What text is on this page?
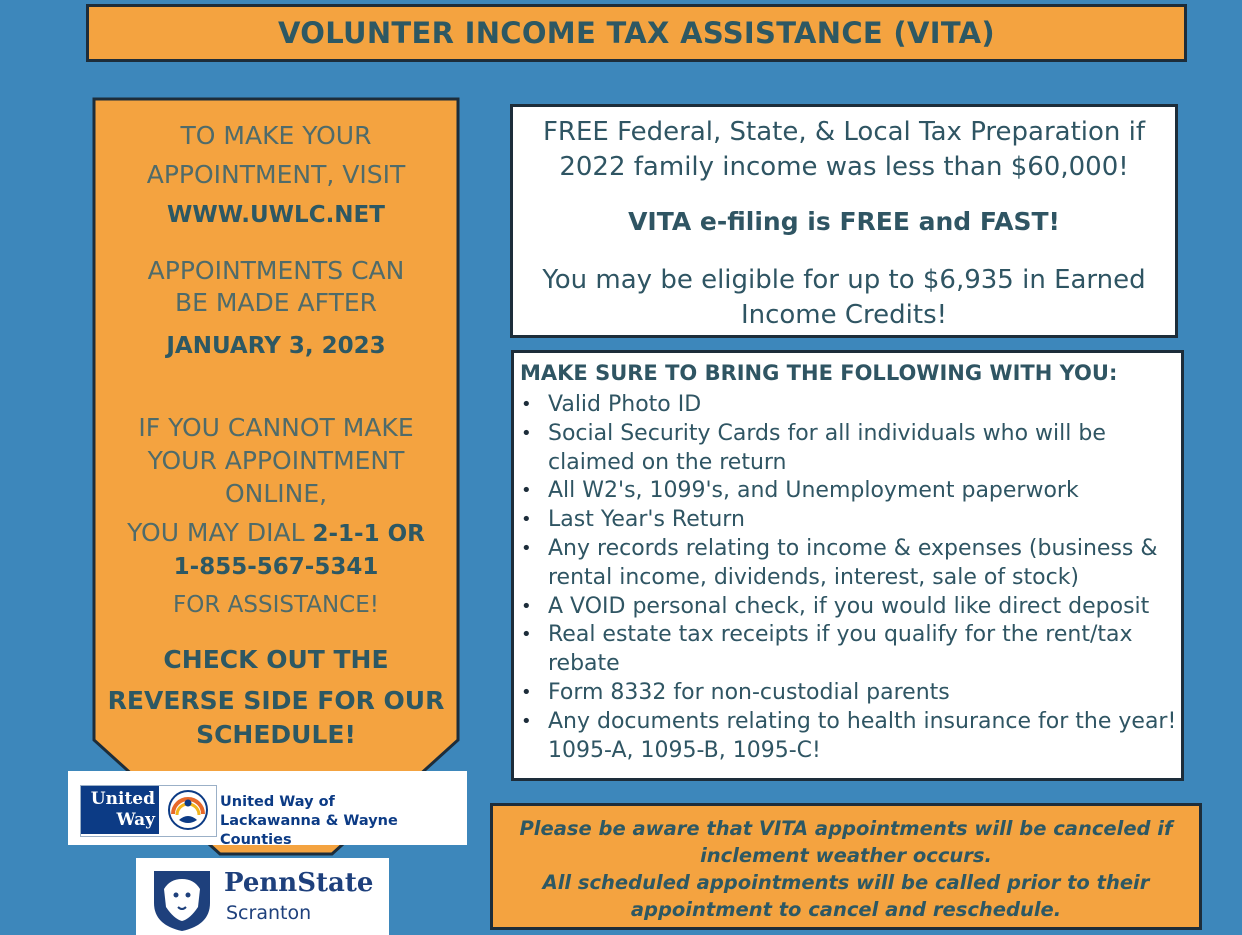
VOLUNTER INCOME TAX ASSISTANCE (VITA)
TO MAKE YOUR
APPOINTMENT, VISIT
WWW.UWLC.NET
APPOINTMENTS CAN
BE MADE AFTER
JANUARY 3, 2023
IF YOU CANNOT MAKE
YOUR APPOINTMENT
ONLINE,
YOU MAY DIAL 2-1-1 OR
1-855-567-5341
FOR ASSISTANCE!
CHECK OUT THE
REVERSE SIDE FOR OUR
SCHEDULE!
United
Way
United Way of
Lackawanna & Wayne Counties
PennState
Scranton
FREE Federal, State, & Local Tax Preparation if
2022 family income was less than $60,000!
VITA e-filing is FREE and FAST!
You may be eligible for up to $6,935 in Earned
Income Credits!
MAKE SURE TO BRING THE FOLLOWING WITH YOU:
• Valid Photo ID
• Social Security Cards for all individuals who will be claimed on the return
• All W2's, 1099's, and Unemployment paperwork
• Last Year's Return
• Any records relating to income & expenses (business & rental income, dividends, interest, sale of stock)
• A VOID personal check, if you would like direct deposit
• Real estate tax receipts if you qualify for the rent/tax rebate
• Form 8332 for non-custodial parents
• Any documents relating to health insurance for the year! 1095-A, 1095-B, 1095-C!
Please be aware that VITA appointments will be canceled if
inclement weather occurs.
All scheduled appointments will be called prior to their
appointment to cancel and reschedule.
